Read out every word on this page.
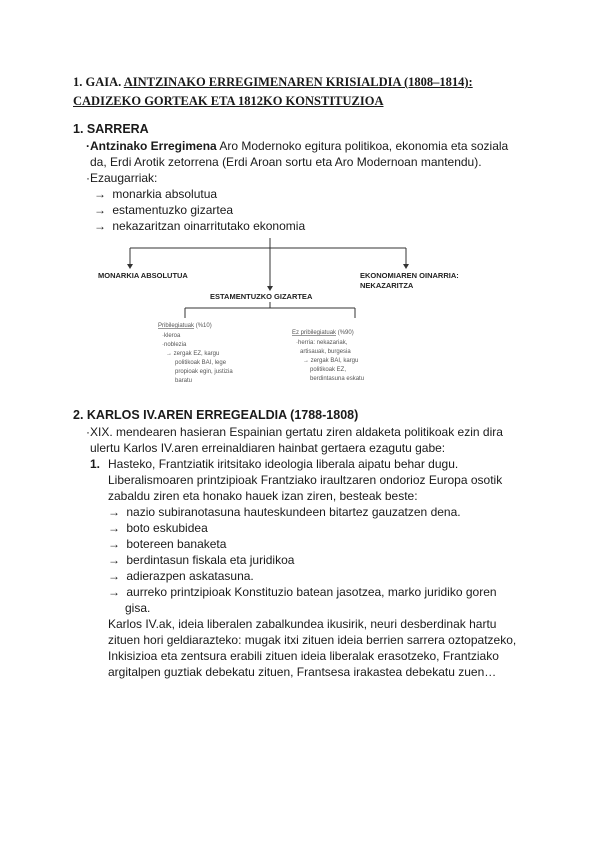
1. GAIA. AINTZINAKO ERREGIMENAREN KRISIALDIA (1808–1814):
CADIZEKO GORTEAK ETA 1812KO KONSTITUZIOA
1. SARRERA
·Antzinako Erregimena Aro Modernoko egitura politikoa, ekonomia eta soziala
da, Erdi Arotik zetorrena (Erdi Aroan sortu eta Aro Modernoan mantendu).
·Ezaugarriak:
→ monarkia absolutua
→ estamentuzko gizartea
→ nekazaritzan oinarritutako ekonomia
MONARKIA ABSOLUTUA
ESTAMENTUZKO GIZARTEA
EKONOMIAREN OINARRIA:
NEKAZARITZA
Pribilegiatuak (%10)
·kleroa
·noblezia
→ zergak EZ, kargu
politikoak BAI, lege
propioak egin, justizia
baratu
Ez pribilegiatuak (%90)
·herria: nekazariak,
artisauak, burgesia
→ zergak BAI, kargu
politikoak EZ,
berdintasuna eskatu
2. KARLOS IV.AREN ERREGEALDIA (1788-1808)
·XIX. mendearen hasieran Espainian gertatu ziren aldaketa politikoak ezin dira
ulertu Karlos IV.aren erreinaldiaren hainbat gertaera ezagutu gabe:
1. Hasteko, Frantziatik iritsitako ideologia liberala aipatu behar dugu.
Liberalismoaren printzipioak Frantziako iraultzaren ondorioz Europa osotik
zabaldu ziren eta honako hauek izan ziren, besteak beste:
→ nazio subiranotasuna hauteskundeen bitartez gauzatzen dena.
→ boto eskubidea
→ botereen banaketa
→ berdintasun fiskala eta juridikoa
→ adierazpen askatasuna.
→ aurreko printzipioak Konstituzio batean jasotzea, marko juridiko goren
gisa.
Karlos IV.ak, ideia liberalen zabalkundea ikusirik, neuri desberdinak hartu
zituen hori geldiarazteko: mugak itxi zituen ideia berrien sarrera oztopatzeko,
Inkisizioa eta zentsura erabili zituen ideia liberalak erasotzeko, Frantziako
argitalpen guztiak debekatu zituen, Frantsesa irakastea debekatu zuen…
